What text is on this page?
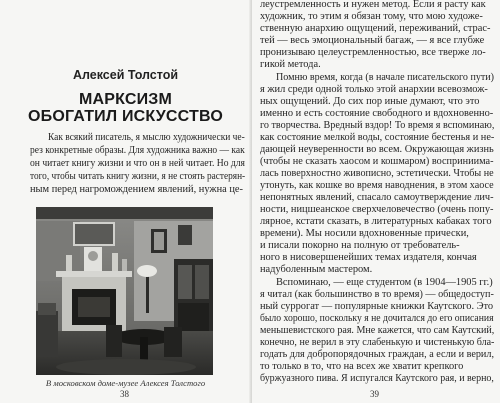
Алексей Толстой
МАРКСИЗМ
ОБОГАТИЛ ИСКУССТВО
Как всякий писатель, я мыслю художнически че-
рез конкретные образы. Для художника важно — как
он читает книгу жизни и что он в ней читает. Но для
того, чтобы читать книгу жизни, я не стоять растерян-
ным перед нагромождением явлений, нужна це-
В московском доме-музее Алексея Толстого
38
леустремленность и нужен метод. Если я расту как
художник, то этим я обязан тому, что мою художе-
ственную анархию ощущений, переживаний, страс-
тей — весь эмоциональный багаж, — я все глубже
пронизываю целеустремленностью, все тверже ло-
гикой метода.
Помню время, когда (в начале писательского пути)
я жил среди одной только этой анархии всевозмож-
ных ощущений. До сих пор иные думают, что это
именно и есть состояние свободного и вдохновенно-
го творчества. Вредный вздор! То время я вспоминаю,
как состояние мелкой воды, состояние бестенья и не-
дающей неуверенности во всем. Окружающая жизнь
(чтобы не сказать хаосом и кошмаром) восприниима-
лась поверхностно живописно, эстетически. Чтобы не
утонуть, как кошке во время наводнения, в этом хаосе
непонятных явлений, спасало самоутверждение лич-
ности, ницшеанское сверхчеловечество (очень попу-
лярное, кстати сказать, в литературных кабаках того
времени). Мы носили вдохновенные прически,
и писали покорно на полную от требователь-
ного в нисовершенейших темах издателя, кончая
надуболенным мастером.
Вспоминаю, — еще студентом (в 1904—1905 гг.)
я читал (как большинство в то время) — общедоступ-
ный суррогат — популярные книжки Каутского. Это
было хорошо, поскольку я не дочитался до его описания
меньшевистского рая. Мне кажется, что сам Каутский,
конечно, не верил в эту слабенькую и чистенькую бла-
годать для добропорядочных граждан, а если и верил,
то только в то, что на всех же хватит крепкого
буржуазного пива. Я испугался Каутского рая, и верно,
39
